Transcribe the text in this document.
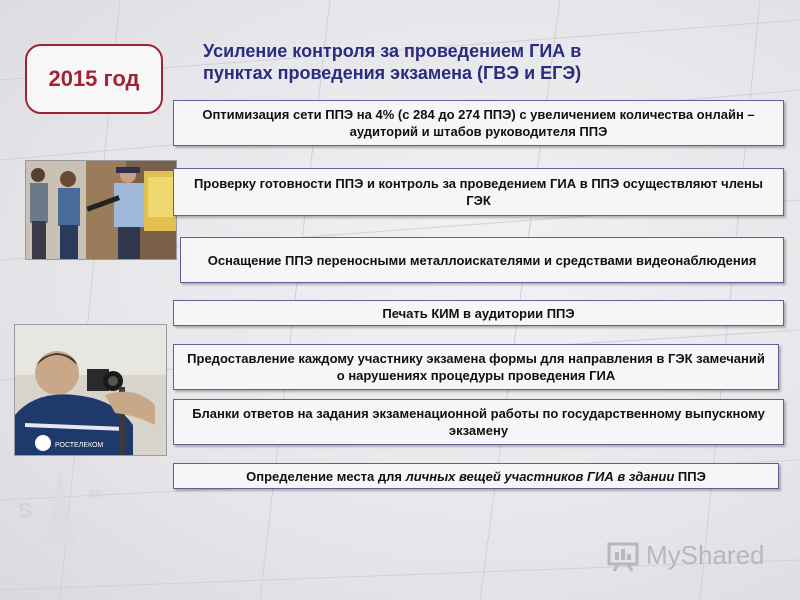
S
SE
2015 год
Усиление контроля за проведением ГИА в
пунктах проведения экзамена (ГВЭ и ЕГЭ)
РОСТЕЛЕКОМ
Оптимизация сети ППЭ на 4% (с 284 до 274 ППЭ) с увеличением количества онлайн – аудиторий и штабов руководителя ППЭ
Проверку готовности ППЭ и контроль за проведением ГИА в ППЭ осуществляют члены ГЭК
Оснащение ППЭ переносными металлоискателями и средствами видеонаблюдения
Печать КИМ в аудитории ППЭ
Предоставление каждому участнику экзамена формы для направления в ГЭК замечаний о нарушениях процедуры проведения ГИА
Бланки ответов на задания экзаменационной работы по государственному выпускному экзамену
Определение места для личных вещей участников ГИА в здании ППЭ
MyShared
